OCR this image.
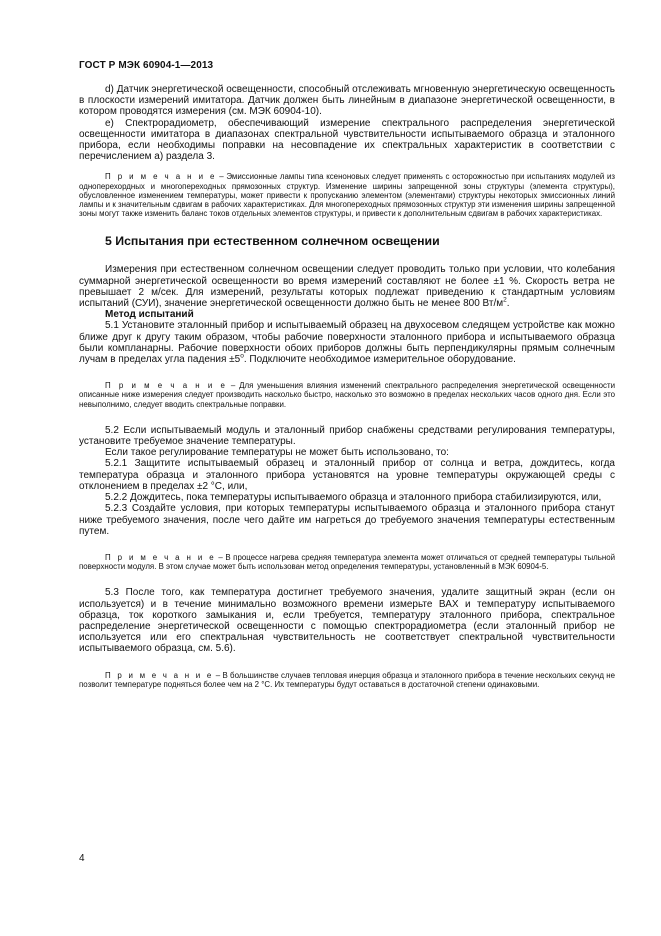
ГОСТ Р МЭК 60904-1—2013

d) Датчик энергетической освещенности, способный отслеживать мгновенную энергетическую освещенность в плоскости измерений имитатора. Датчик должен быть линейным в диапазоне энергетической освещенности, в котором проводятся измерения (см. МЭК 60904-10).

е) Спектрорадиометр, обеспечивающий измерение спектрального распределения энергетической освещенности имитатора в диапазонах спектральной чувствительности испытываемого образца и эталонного прибора, если необходимы поправки на несовпадение их спектральных характеристик в соответствии с перечислением а) раздела 3.

П р и м е ч а н и е – Эмиссионные лампы типа ксеноновых следует применять с осторожностью при испытаниях модулей из одноперехордных и многопереходных прямозонных структур. Изменение ширины запрещенной зоны структуры (элемента структуры), обусловленное изменением температуры, может привести к пропусканию элементом (элементами) структуры некоторых эмиссионных линий лампы и к значительным сдвигам в рабочих характеристиках. Для многопереходных прямозонных структур эти изменения ширины запрещенной зоны могут также изменить баланс токов отдельных элементов структуры, и привести к дополнительным сдвигам в рабочих характеристиках.

5 Испытания при естественном солнечном освещении

Измерения при естественном солнечном освещении следует проводить только при условии, что колебания суммарной энергетической освещенности во время измерений составляют не более ±1 %. Скорость ветра не превышает 2 м/сек. Для измерений, результаты которых подлежат приведению к стандартным условиям испытаний (СУИ), значение энергетической освещенности должно быть не менее 800 $Вт/м^2$.

Метод испытаний

5.1 Установите эталонный прибор и испытываемый образец на двухосевом следящем устройстве как можно ближе друг к другу таким образом, чтобы рабочие поверхности эталонного прибора и испытываемого образца были компланарны. Рабочие поверхности обоих приборов должны быть перпендикулярны прямым солнечным лучам в пределах угла падения $\pm 5^о$. Подключите необходимое измерительное оборудование.

П р и м е ч а н и е – Для уменьшения влияния изменений спектрального распределения энергетической освещенности описанные ниже измерения следует производить насколько быстро, насколько это возможно в пределах нескольких часов одного дня. Если это невыполнимо, следует вводить спектральные поправки.

5.2 Если испытываемый модуль и эталонный прибор снабжены средствами регулирования температуры, установите требуемое значение температуры.

Если такое регулирование температуры не может быть использовано, то:

5.2.1 Защитите испытываемый образец и эталонный прибор от солнца и ветра, дождитесь, когда температура образца и эталонного прибора установятся на уровне температуры окружающей среды с отклонением в пределах ±2 °С, или,

5.2.2 Дождитесь, пока температуры испытываемого образца и эталонного прибора стабилизируются, или,

5.2.3 Создайте условия, при которых температуры испытываемого образца и эталонного прибора станут ниже требуемого значения, после чего дайте им нагреться до требуемого значения температуры естественным путем.

П р и м е ч а н и е – В процессе нагрева средняя температура элемента может отличаться от средней температуры тыльной поверхности модуля. В этом случае может быть использован метод определения температуры, установленный в МЭК 60904-5.

5.3 После того, как температура достигнет требуемого значения, удалите защитный экран (если он используется) и в течение минимально возможного времени измерьте ВАХ и температуру испытываемого образца, ток короткого замыкания и, если требуется, температуру эталонного прибора, спектральное распределение энергетической освещенности с помощью спектрорадиометра (если эталонный прибор не используется или его спектральная чувствительность не соответствует спектральной чувствительности испытываемого образца, см. 5.6).

П р и м е ч а н и е – В большинстве случаев тепловая инерция образца и эталонного прибора в течение нескольких секунд не позволит температуре подняться более чем на 2 °С. Их температуры будут оставаться в достаточной степени одинаковыми.

4
